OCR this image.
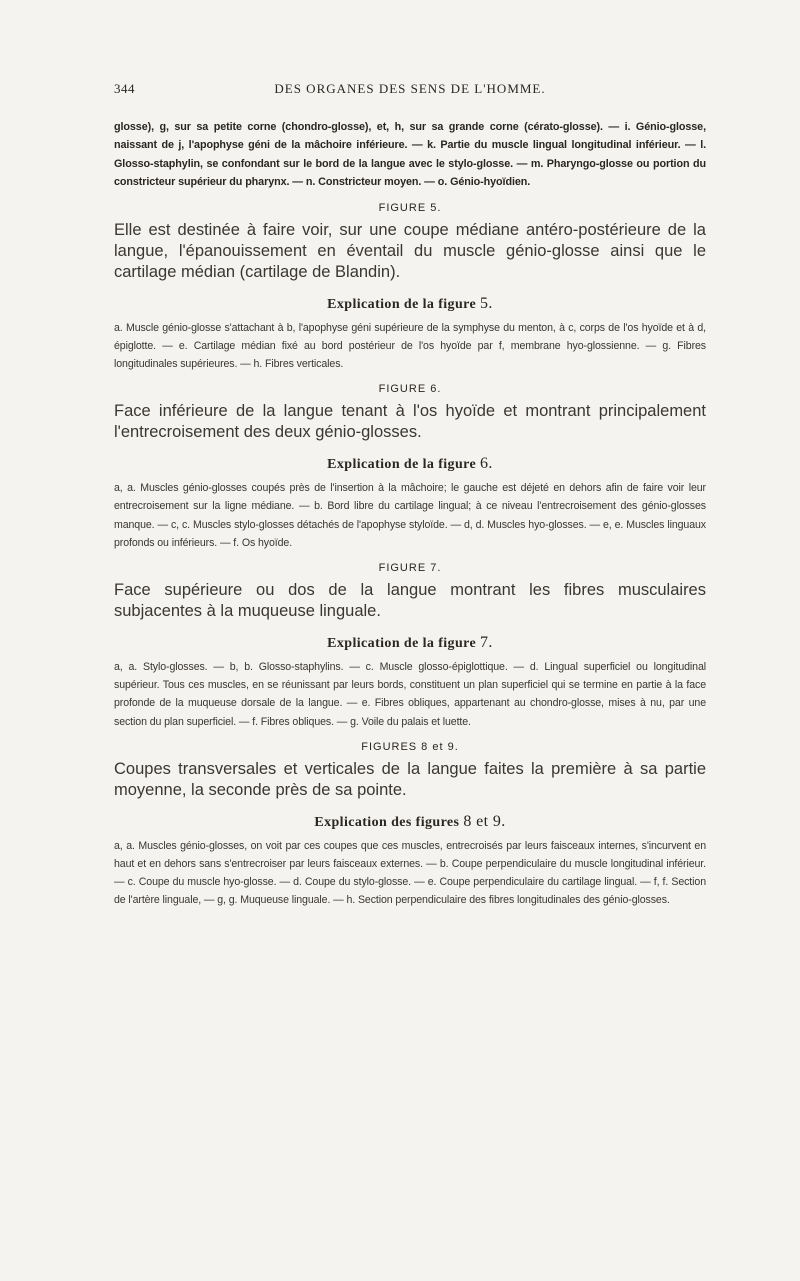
344	DES ORGANES DES SENS DE L'HOMME.

glosse), g, sur sa petite corne (chondro-glosse), et, h, sur sa grande corne (cérato-glosse). — i. Génio-glosse, naissant de j, l'apophyse géni de la mâchoire inférieure. — k. Partie du muscle lingual longitudinal inférieur. — l. Glosso-staphylin, se confondant sur le bord de la langue avec le stylo-glosse. — m. Pharyngo-glosse ou portion du constricteur supérieur du pharynx. — n. Constricteur moyen. — o. Génio-hyoïdien.

FIGURE 5.

Elle est destinée à faire voir, sur une coupe médiane antéro-postérieure de la langue, l'épanouissement en éventail du muscle génio-glosse ainsi que le cartilage médian (cartilage de Blandin).

Explication de la figure 5.

a. Muscle génio-glosse s'attachant à b, l'apophyse géni supérieure de la symphyse du menton, à c, corps de l'os hyoïde et à d, épiglotte. — e. Cartilage médian fixé au bord postérieur de l'os hyoïde par f, membrane hyo-glossienne. — g. Fibres longitudinales supérieures. — h. Fibres verticales.

FIGURE 6.

Face inférieure de la langue tenant à l'os hyoïde et montrant principalement l'entrecroisement des deux génio-glosses.

Explication de la figure 6.

a, a. Muscles génio-glosses coupés près de l'insertion à la mâchoire; le gauche est déjeté en dehors afin de faire voir leur entrecroisement sur la ligne médiane. — b. Bord libre du cartilage lingual; à ce niveau l'entrecroisement des génio-glosses manque. — c, c. Muscles stylo-glosses détachés de l'apophyse styloïde. — d, d. Muscles hyo-glosses. — e, e. Muscles linguaux profonds ou inférieurs. — f. Os hyoïde.

FIGURE 7.

Face supérieure ou dos de la langue montrant les fibres musculaires subjacentes à la muqueuse linguale.

Explication de la figure 7.

a, a. Stylo-glosses. — b, b. Glosso-staphylins. — c. Muscle glosso-épiglottique. — d. Lingual superficiel ou longitudinal supérieur. Tous ces muscles, en se réunissant par leurs bords, constituent un plan superficiel qui se termine en partie à la face profonde de la muqueuse dorsale de la langue. — e. Fibres obliques, appartenant au chondro-glosse, mises à nu, par une section du plan superficiel. — f. Fibres obliques. — g. Voile du palais et luette.

FIGURES 8 et 9.

Coupes transversales et verticales de la langue faites la première à sa partie moyenne, la seconde près de sa pointe.

Explication des figures 8 et 9.

a, a. Muscles génio-glosses, on voit par ces coupes que ces muscles, entrecroisés par leurs faisceaux internes, s'incurvent en haut et en dehors sans s'entrecroiser par leurs faisceaux externes. — b. Coupe perpendiculaire du muscle longitudinal inférieur. — c. Coupe du muscle hyo-glosse. — d. Coupe du stylo-glosse. — e. Coupe perpendiculaire du cartilage lingual. — f, f. Section de l'artère linguale, — g, g. Muqueuse linguale. — h. Section perpendiculaire des fibres longitudinales des génio-glosses.
